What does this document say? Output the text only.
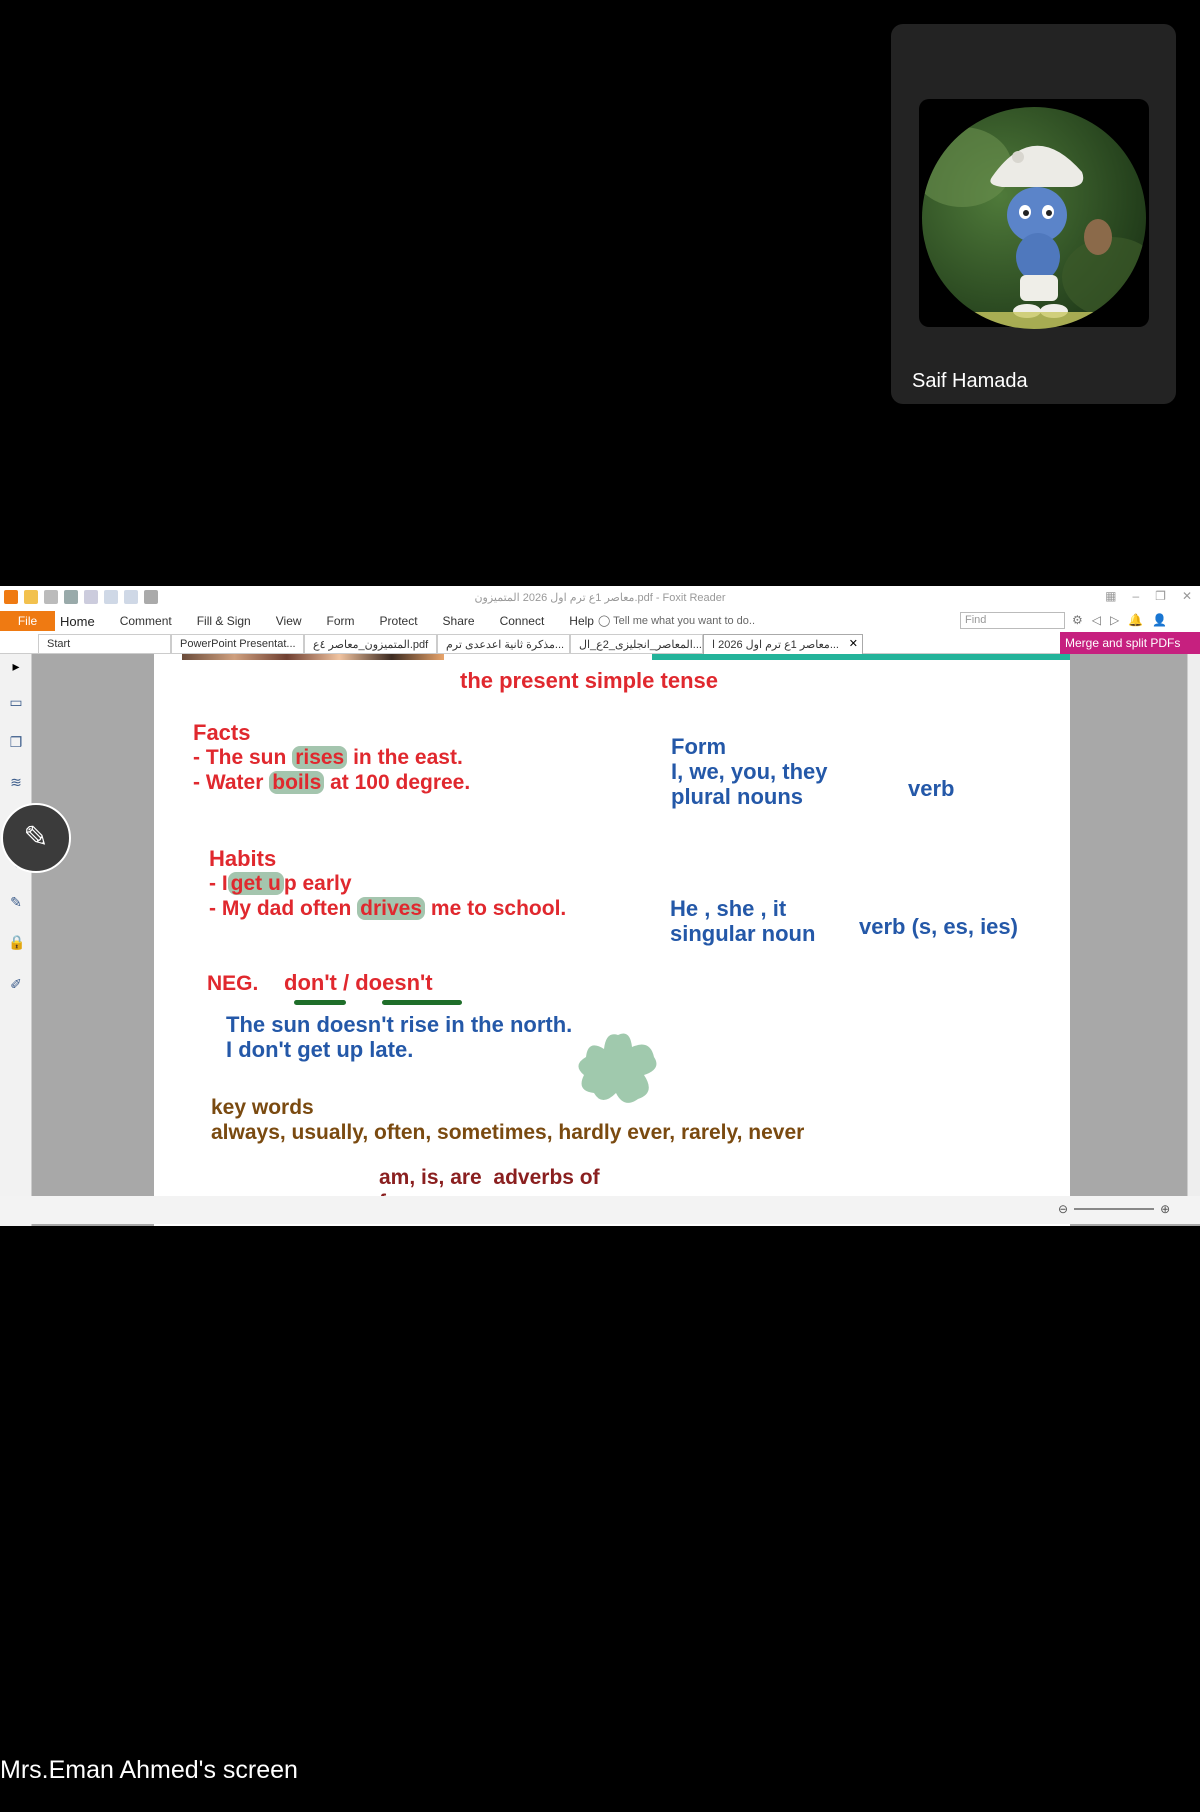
Saif Hamada
معاصر 1ع ترم اول 2026 المتميزون.pdf - Foxit Reader	▦ – ❐ ✕
File	Home Comment Fill & Sign View Form Protect Share Connect Help ◯ Tell me what you want to do..	Find	⚙ ◁ ▷ 🔔 👤
Start	PowerPoint Presentat...	المتميزون_معاصر ٤ع.pdf	مذكرة ثانية اعدعدى ترم...	المعاصر_انجليزى_2ع_ال... معاصر 1ع ترم اول 2026 ا... ✕	Merge and split PDFs
▸
▭
❐
≋
✎
🔒
✐
the present simple tense
Facts
- The sun rises in the east.
- Water boils at 100 degree.
Form
I, we, you, they
plural nouns	verb
Habits
- I get u p early
- My dad often drives me to school.	He , she , it
singular noun verb (s, es, ies)
NEG. don't / doesn't
The sun doesn't rise in the north.
I don't get up late.
key words
always, usually, often, sometimes, hardly ever, rarely, never
am, is, are  adverbs of
⊖	⊕
✎
Mrs.Eman Ahmed's screen
